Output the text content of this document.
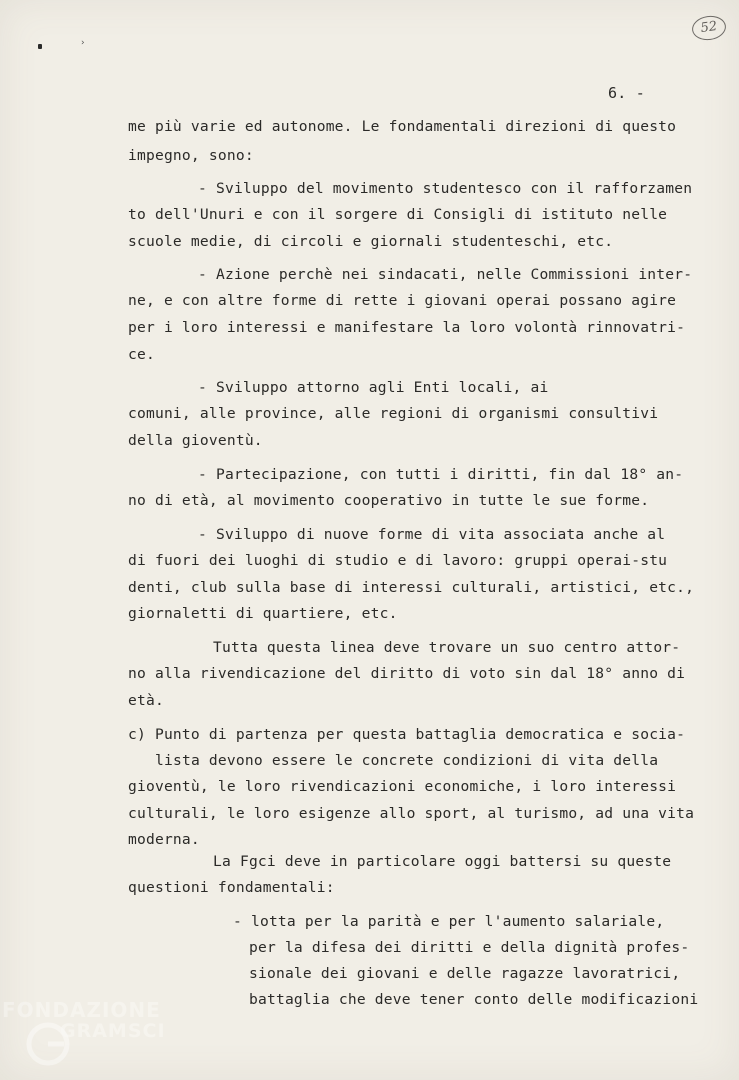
›
52
6. -
me più varie ed autonome. Le fondamentali direzioni di questo
impegno, sono:
- Sviluppo del movimento studentesco con il rafforzamen
to dell'Unuri e con il sorgere di Consigli di istituto nelle
scuole medie, di circoli e giornali studenteschi, etc.
- Azione perchè nei sindacati, nelle Commissioni inter-
ne, e con altre forme di rette i giovani operai possano agire
per i loro interessi e manifestare la loro volontà rinnovatri-
ce.
- Sviluppo attorno agli Enti locali, ai
comuni, alle province, alle regioni di organismi consultivi
della gioventù.
- Partecipazione, con tutti i diritti, fin dal 18° an-
no di età, al movimento cooperativo in tutte le sue forme.
- Sviluppo di nuove forme di vita associata anche al
di fuori dei luoghi di studio e di lavoro: gruppi operai-stu
denti, club sulla base di interessi culturali, artistici, etc.,
giornaletti di quartiere, etc.
Tutta questa linea deve trovare un suo centro attor-
no alla rivendicazione del diritto di voto sin dal 18° anno di
età.
c) Punto di partenza per questa battaglia democratica e socia-
lista devono essere le concrete condizioni di vita della
gioventù, le loro rivendicazioni economiche, i loro interessi
culturali, le loro esigenze allo sport, al turismo, ad una vita
moderna.
La Fgci deve in particolare oggi battersi su queste
questioni fondamentali:
- lotta per la parità e per l'aumento salariale,
per la difesa dei diritti e della dignità profes-
sionale dei giovani e delle ragazze lavoratrici,
battaglia che deve tener conto delle modificazioni
FONDAZIONE
GRAMSCI
